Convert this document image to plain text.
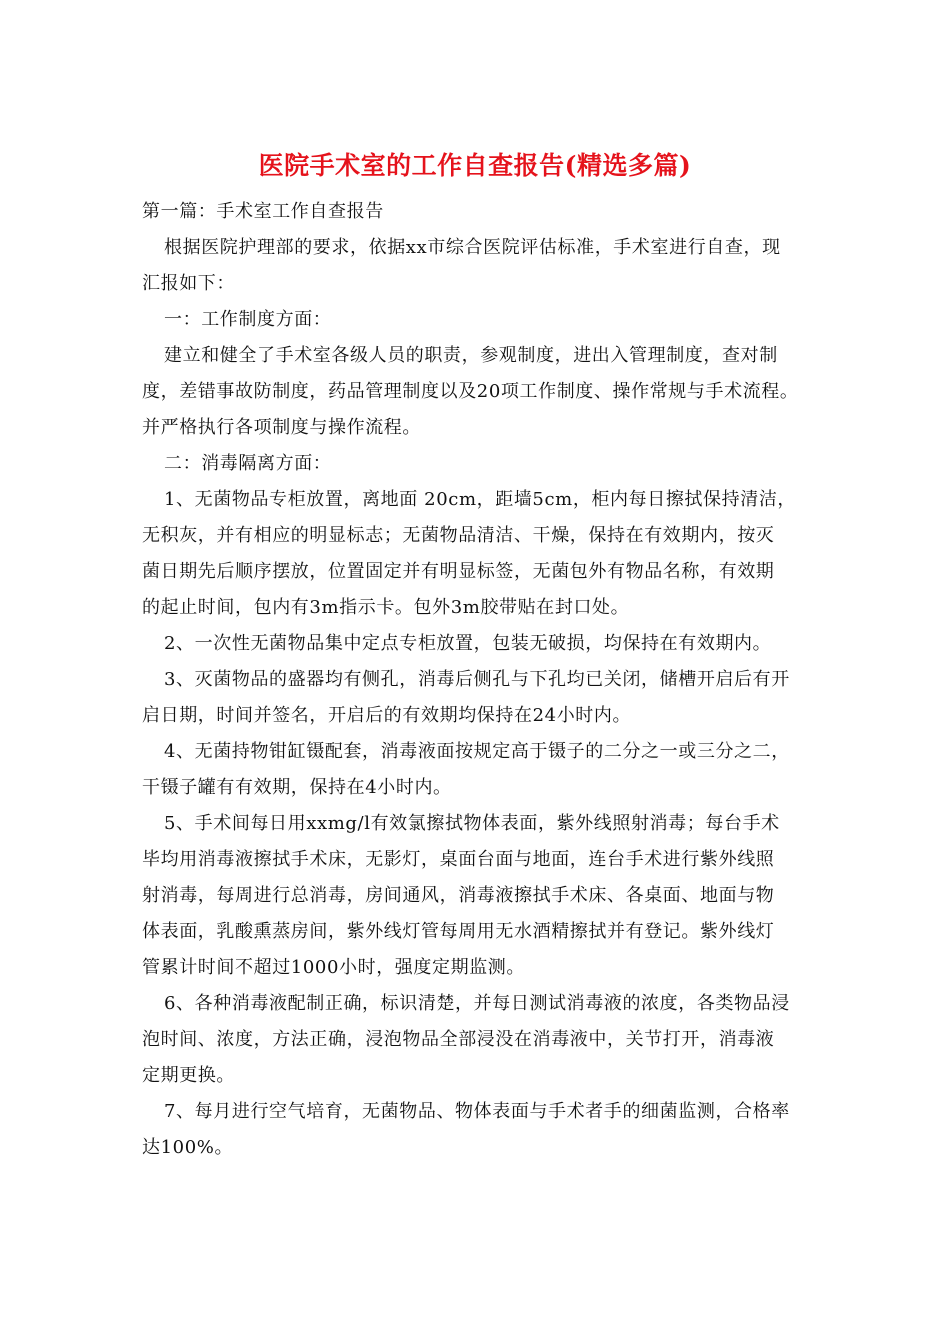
医院手术室的工作自查报告(精选多篇)
第一篇：手术室工作自查报告
根据医院护理部的要求，依据xx市综合医院评估标准，手术室进行自查，现
汇报如下：
一：工作制度方面：
建立和健全了手术室各级人员的职责，参观制度，进出入管理制度，查对制
度，差错事故防制度，药品管理制度以及20项工作制度、操作常规与手术流程。
并严格执行各项制度与操作流程。
二：消毒隔离方面：
1、无菌物品专柜放置，离地面 20cm，距墙5cm，柜内每日擦拭保持清洁，
无积灰，并有相应的明显标志；无菌物品清洁、干燥，保持在有效期内，按灭
菌日期先后顺序摆放，位置固定并有明显标签，无菌包外有物品名称，有效期
的起止时间，包内有3m指示卡。包外3m胶带贴在封口处。
2、一次性无菌物品集中定点专柜放置，包装无破损，均保持在有效期内。
3、灭菌物品的盛器均有侧孔，消毒后侧孔与下孔均已关闭，储槽开启后有开
启日期，时间并签名，开启后的有效期均保持在24小时内。
4、无菌持物钳缸镊配套，消毒液面按规定高于镊子的二分之一或三分之二，
干镊子罐有有效期，保持在4小时内。
5、手术间每日用xxmg/l有效氯擦拭物体表面，紫外线照射消毒；每台手术
毕均用消毒液擦拭手术床，无影灯，桌面台面与地面，连台手术进行紫外线照
射消毒，每周进行总消毒，房间通风，消毒液擦拭手术床、各桌面、地面与物
体表面，乳酸熏蒸房间，紫外线灯管每周用无水酒精擦拭并有登记。紫外线灯
管累计时间不超过1000小时，强度定期监测。
6、各种消毒液配制正确，标识清楚，并每日测试消毒液的浓度，各类物品浸
泡时间、浓度，方法正确，浸泡物品全部浸没在消毒液中，关节打开，消毒液
定期更换。
7、每月进行空气培育，无菌物品、物体表面与手术者手的细菌监测，合格率
达100%。
